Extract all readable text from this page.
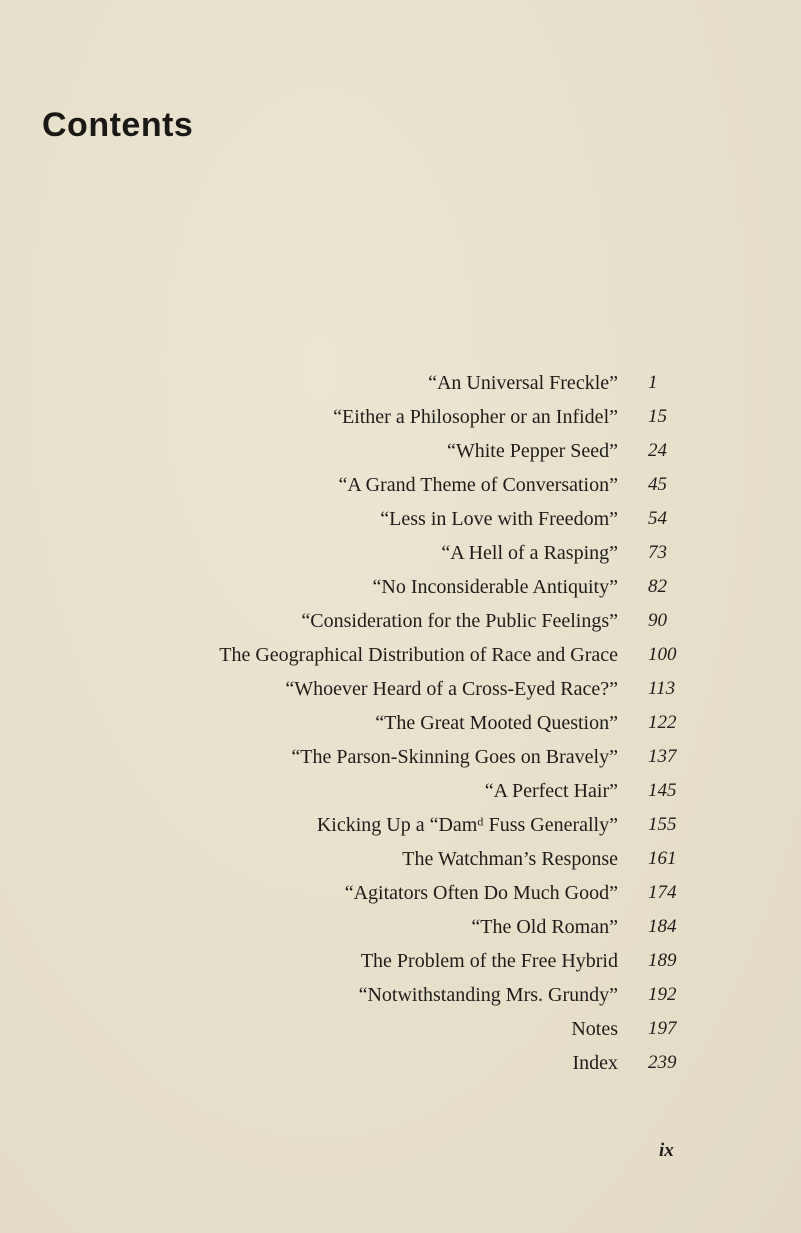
Contents
“An Universal Freckle” 1
“Either a Philosopher or an Infidel” 15
“White Pepper Seed” 24
“A Grand Theme of Conversation” 45
“Less in Love with Freedom” 54
“A Hell of a Rasping” 73
“No Inconsiderable Antiquity” 82
“Consideration for the Public Feelings” 90
The Geographical Distribution of Race and Grace 100
“Whoever Heard of a Cross-Eyed Race?” 113
“The Great Mooted Question” 122
“The Parson-Skinning Goes on Bravely” 137
“A Perfect Hair” 145
Kicking Up a “Damᵈ Fuss Generally” 155
The Watchman’s Response 161
“Agitators Often Do Much Good” 174
“The Old Roman” 184
The Problem of the Free Hybrid 189
“Notwithstanding Mrs. Grundy” 192
Notes 197
Index 239
ix
